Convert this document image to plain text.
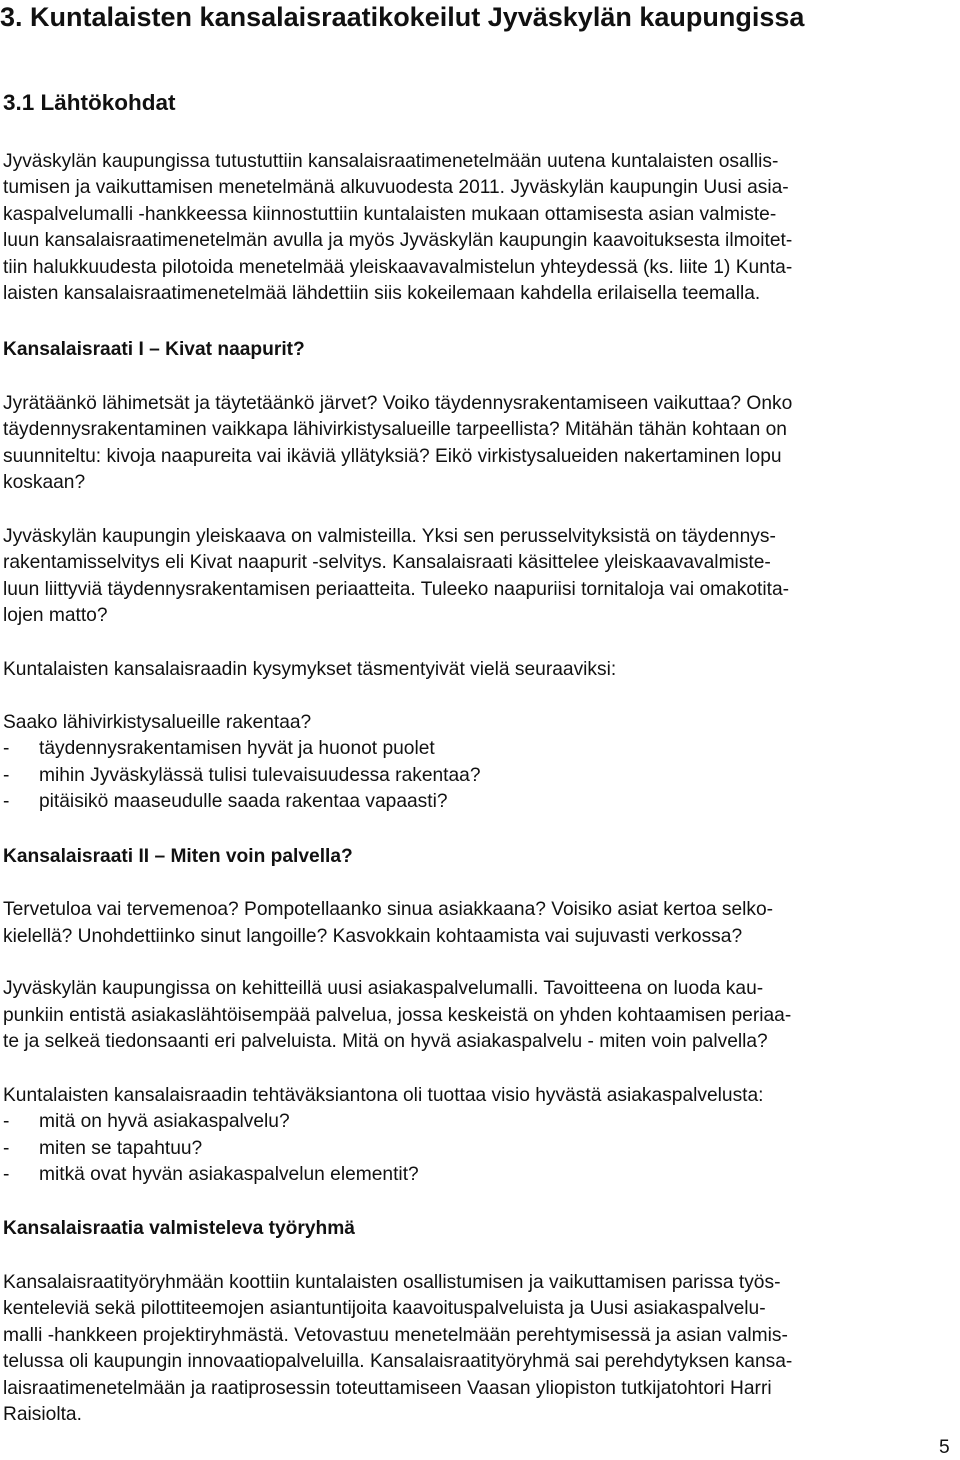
3. Kuntalaisten kansalaisraatikokeilut Jyväskylän kaupungissa
3.1 Lähtökohdat

Jyväskylän kaupungissa tutustuttiin kansalaisraatimenetelmään uutena kuntalaisten osallis-

tumisen ja vaikuttamisen menetelmänä alkuvuodesta 2011. Jyväskylän kaupungin Uusi asia-

kaspalvelumalli -hankkeessa kiinnostuttiin kuntalaisten mukaan ottamisesta asian valmiste-

luun kansalaisraatimenetelmän avulla ja myös Jyväskylän kaupungin kaavoituksesta ilmoitet-

tiin halukkuudesta pilotoida menetelmää yleiskaavavalmistelun yhteydessä (ks. liite 1) Kunta-

laisten kansalaisraatimenetelmää lähdettiin siis kokeilemaan kahdella erilaisella teemalla.

Kansalaisraati I – Kivat naapurit?

Jyrätäänkö lähimetsät ja täytetäänkö järvet? Voiko täydennysrakentamiseen vaikuttaa? Onko

täydennysrakentaminen vaikkapa lähivirkistysalueille tarpeellista? Mitähän tähän kohtaan on

suunniteltu: kivoja naapureita vai ikäviä yllätyksiä? Eikö virkistysalueiden nakertaminen lopu

koskaan?

Jyväskylän kaupungin yleiskaava on valmisteilla. Yksi sen perusselvityksistä on täydennys-

rakentamisselvitys eli Kivat naapurit -selvitys. Kansalaisraati käsittelee yleiskaavavalmiste-

luun liittyviä täydennysrakentamisen periaatteita. Tuleeko naapuriisi tornitaloja vai omakotita-

lojen matto?

Kuntalaisten kansalaisraadin kysymykset täsmentyivät vielä seuraaviksi:

Saako lähivirkistysalueille rakentaa?

- täydennysrakentamisen hyvät ja huonot puolet

- mihin Jyväskylässä tulisi tulevaisuudessa rakentaa?

- pitäisikö maaseudulle saada rakentaa vapaasti?

Kansalaisraati II – Miten voin palvella?

Tervetuloa vai tervemenoa? Pompotellaanko sinua asiakkaana? Voisiko asiat kertoa selko-

kielellä? Unohdettiinko sinut langoille? Kasvokkain kohtaamista vai sujuvasti verkossa?

Jyväskylän kaupungissa on kehitteillä uusi asiakaspalvelumalli. Tavoitteena on luoda kau-

punkiin entistä asiakaslähtöisempää palvelua, jossa keskeistä on yhden kohtaamisen periaa-

te ja selkeä tiedonsaanti eri palveluista. Mitä on hyvä asiakaspalvelu - miten voin palvella?

Kuntalaisten kansalaisraadin tehtäväksiantona oli tuottaa visio hyvästä asiakaspalvelusta:

- mitä on hyvä asiakaspalvelu?

- miten se tapahtuu?

- mitkä ovat hyvän asiakaspalvelun elementit?

Kansalaisraatia valmisteleva työryhmä

Kansalaisraatityöryhmään koottiin kuntalaisten osallistumisen ja vaikuttamisen parissa työs-

kenteleviä sekä pilottiteemojen asiantuntijoita kaavoituspalveluista ja Uusi asiakaspalvelu-

malli -hankkeen projektiryhmästä. Vetovastuu menetelmään perehtymisessä ja asian valmis-

telussa oli kaupungin innovaatiopalveluilla. Kansalaisraatityöryhmä sai perehdytyksen kansa-

laisraatimenetelmään ja raatiprosessin toteuttamiseen Vaasan yliopiston tutkijatohtori Harri

Raisiolta.

5
